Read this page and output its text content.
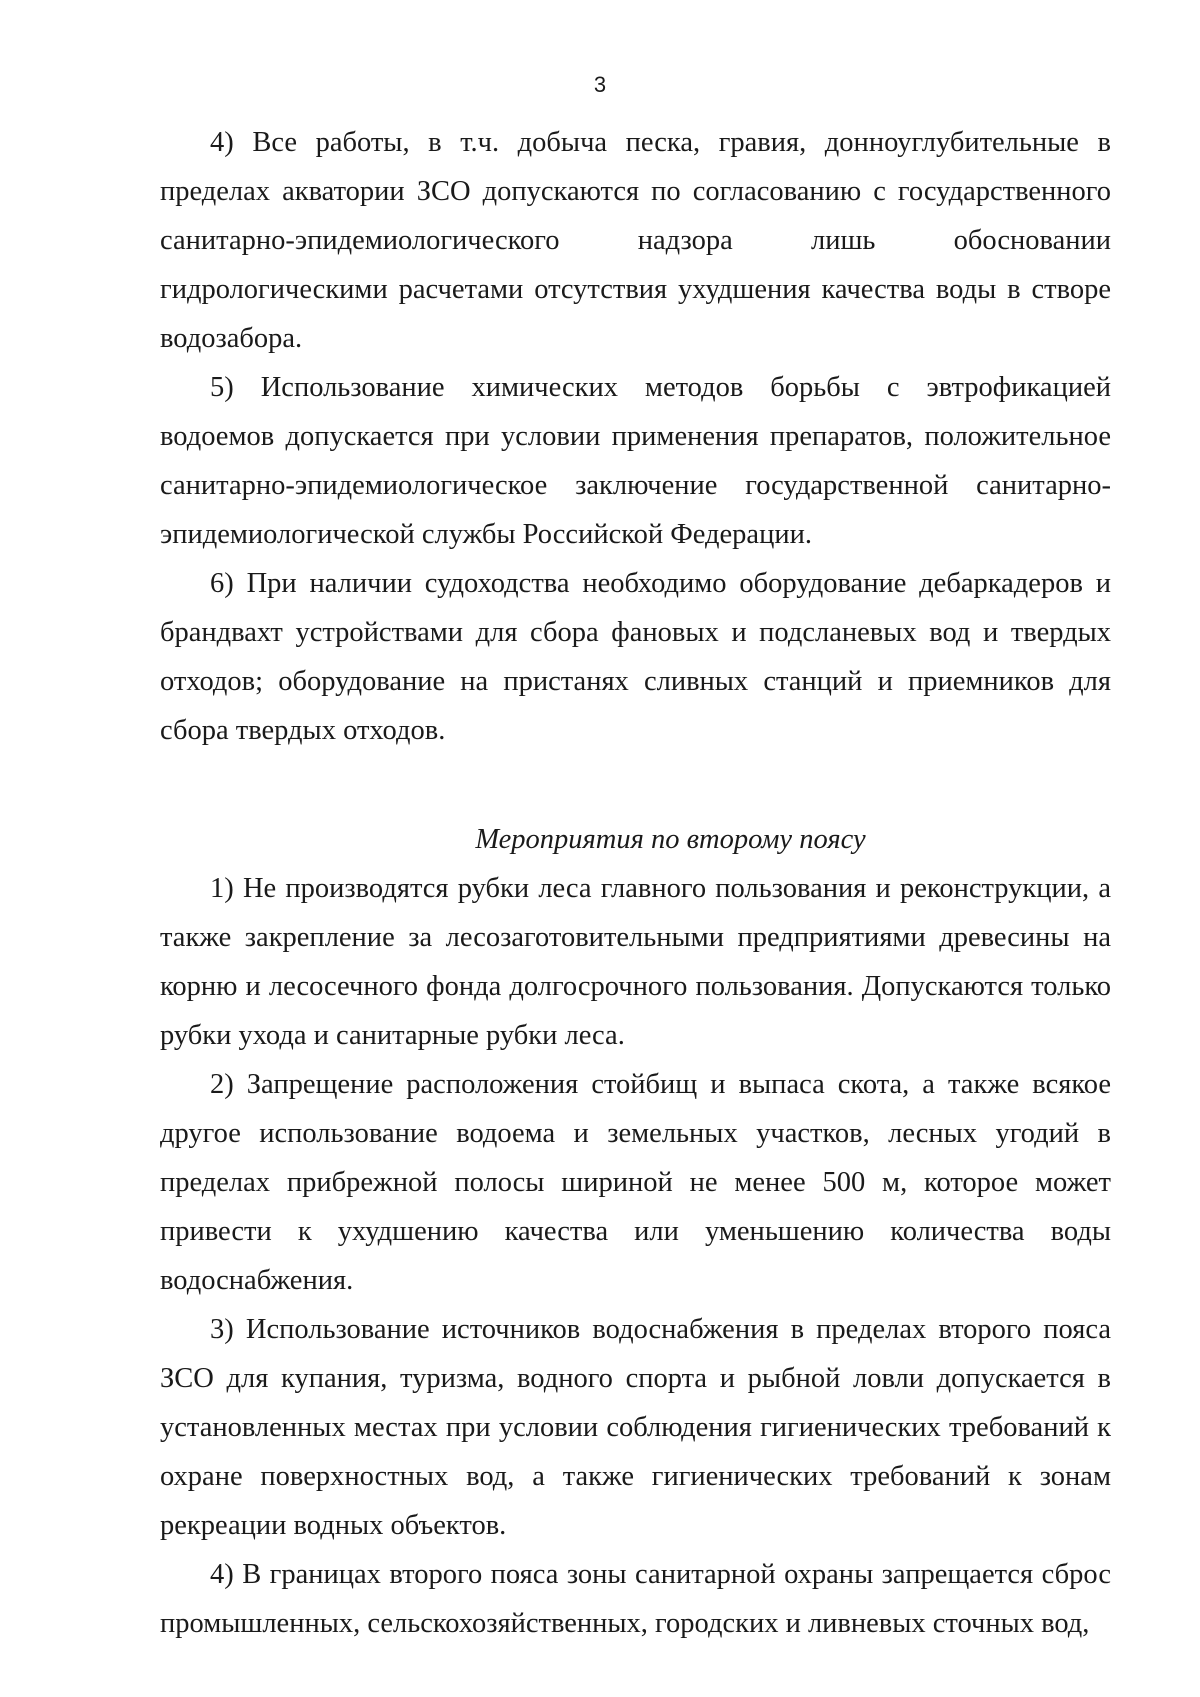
3

4) Все работы, в т.ч. добыча песка, гравия, донноуглубительные в пределах акватории ЗСО допускаются по согласованию с государственного санитарно-эпидемиологического надзора лишь обосновании гидрологическими расчетами отсутствия ухудшения качества воды в створе водозабора.

5) Использование химических методов борьбы с эвтрофикацией водоемов допускается при условии применения препаратов, положительное санитарно-эпидемиологическое заключение государственной санитарно-эпидемиологической службы Российской Федерации.

6) При наличии судоходства необходимо оборудование дебаркадеров и брандвахт устройствами для сбора фановых и подсланевых вод и твердых отходов; оборудование на пристанях сливных станций и приемников для сбора твердых отходов.

Мероприятия по второму поясу

1) Не производятся рубки леса главного пользования и реконструкции, а также закрепление за лесозаготовительными предприятиями древесины на корню и лесосечного фонда долгосрочного пользования. Допускаются только рубки ухода и санитарные рубки леса.

2) Запрещение расположения стойбищ и выпаса скота, а также всякое другое использование водоема и земельных участков, лесных угодий в пределах прибрежной полосы шириной не менее 500 м, которое может привести к ухудшению качества или уменьшению количества воды водоснабжения.

3) Использование источников водоснабжения в пределах второго пояса ЗСО для купания, туризма, водного спорта и рыбной ловли допускается в установленных местах при условии соблюдения гигиенических требований к охране поверхностных вод, а также гигиенических требований к зонам рекреации водных объектов.

4) В границах второго пояса зоны санитарной охраны запрещается сброс промышленных, сельскохозяйственных, городских и ливневых сточных вод,
